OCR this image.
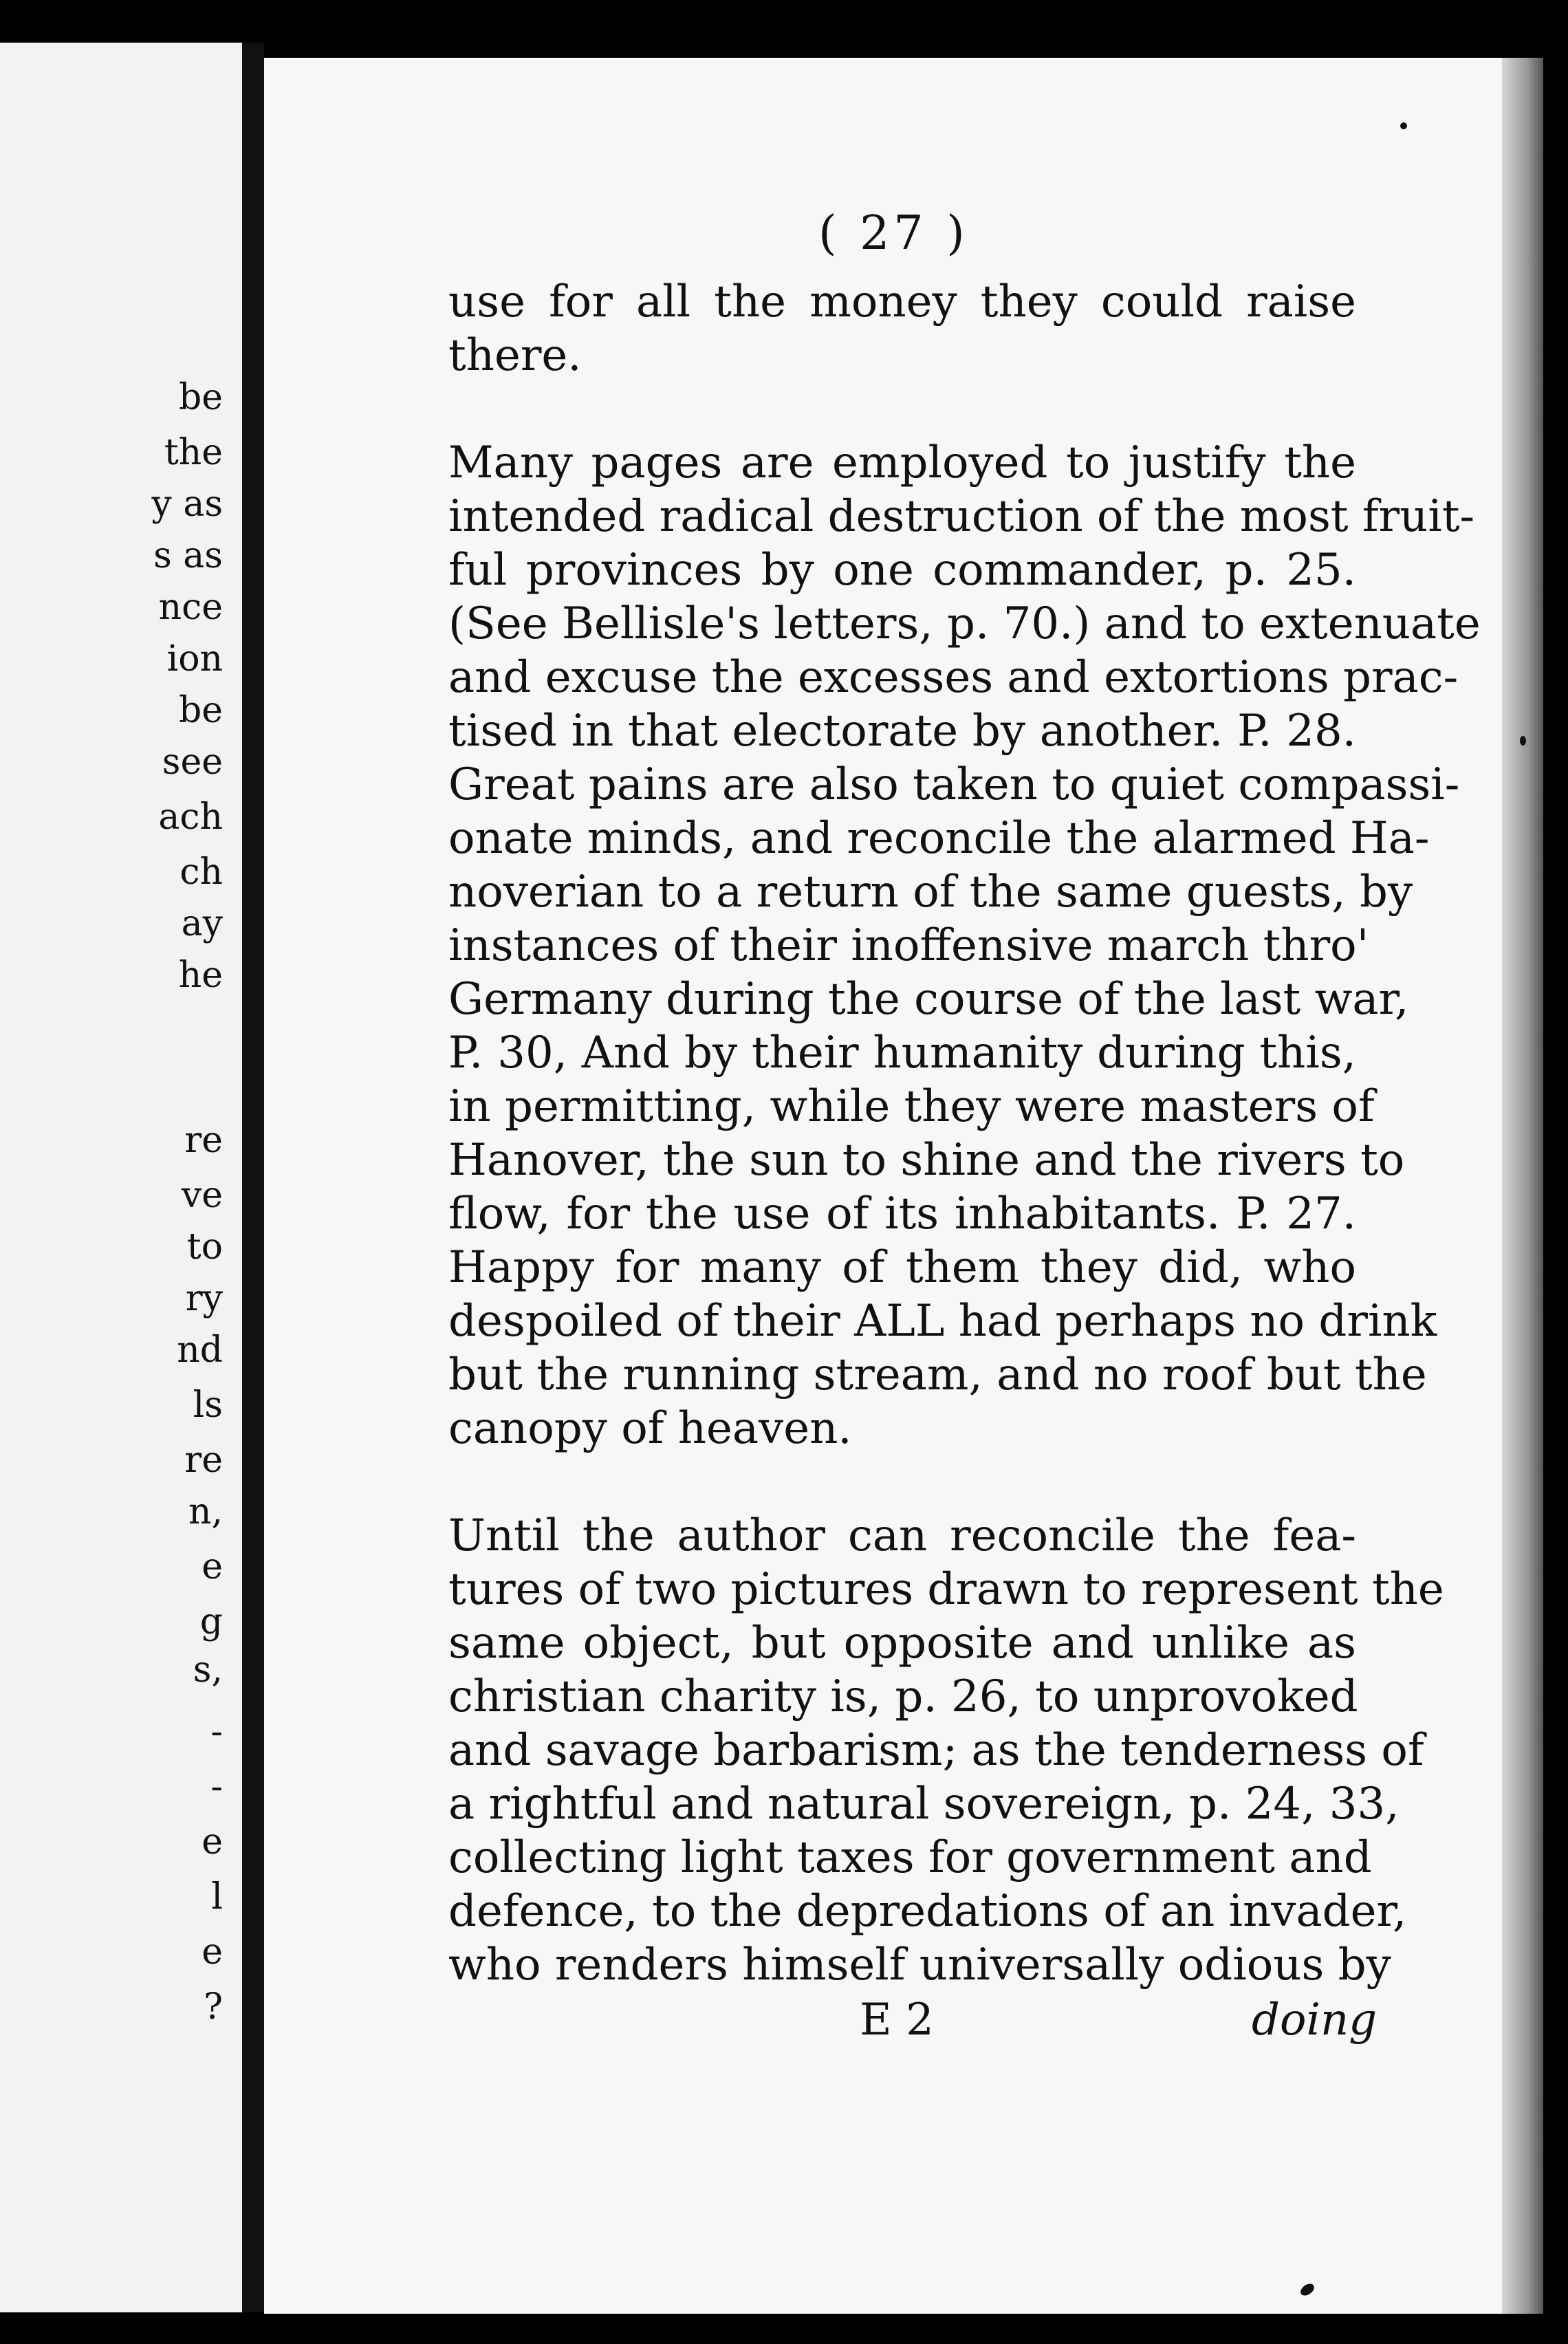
be
the
y as
s as
nce
ion
be
see
ach
ch
ay
he
re
ve
to
ry
nd
ls
re
n,
e
g
s,
-
-
e
l
e
?
( 27 )
use for all the money they could raise
there.
Many pages are employed to justify the
intended radical destruction of the most fruit-
ful provinces by one commander, p. 25.
(See Bellisle's letters, p. 70.) and to extenuate
and excuse the excesses and extortions prac-
tised in that electorate by another. P. 28.
Great pains are also taken to quiet compassi-
onate minds, and reconcile the alarmed Ha-
noverian to a return of the same guests, by
instances of their inoffensive march thro'
Germany during the course of the last war,
P. 30, And by their humanity during this,
in permitting, while they were masters of
Hanover, the sun to shine and the rivers to
flow, for the use of its inhabitants. P. 27.
Happy for many of them they did, who
despoiled of their ALL had perhaps no drink
but the running stream, and no roof but the
canopy of heaven.
Until the author can reconcile the fea-
tures of two pictures drawn to represent the
same object, but opposite and unlike as
christian charity is, p. 26, to unprovoked
and savage barbarism; as the tenderness of
a rightful and natural sovereign, p. 24, 33,
collecting light taxes for government and
defence, to the depredations of an invader,
who renders himself universally odious by
E 2	doing
